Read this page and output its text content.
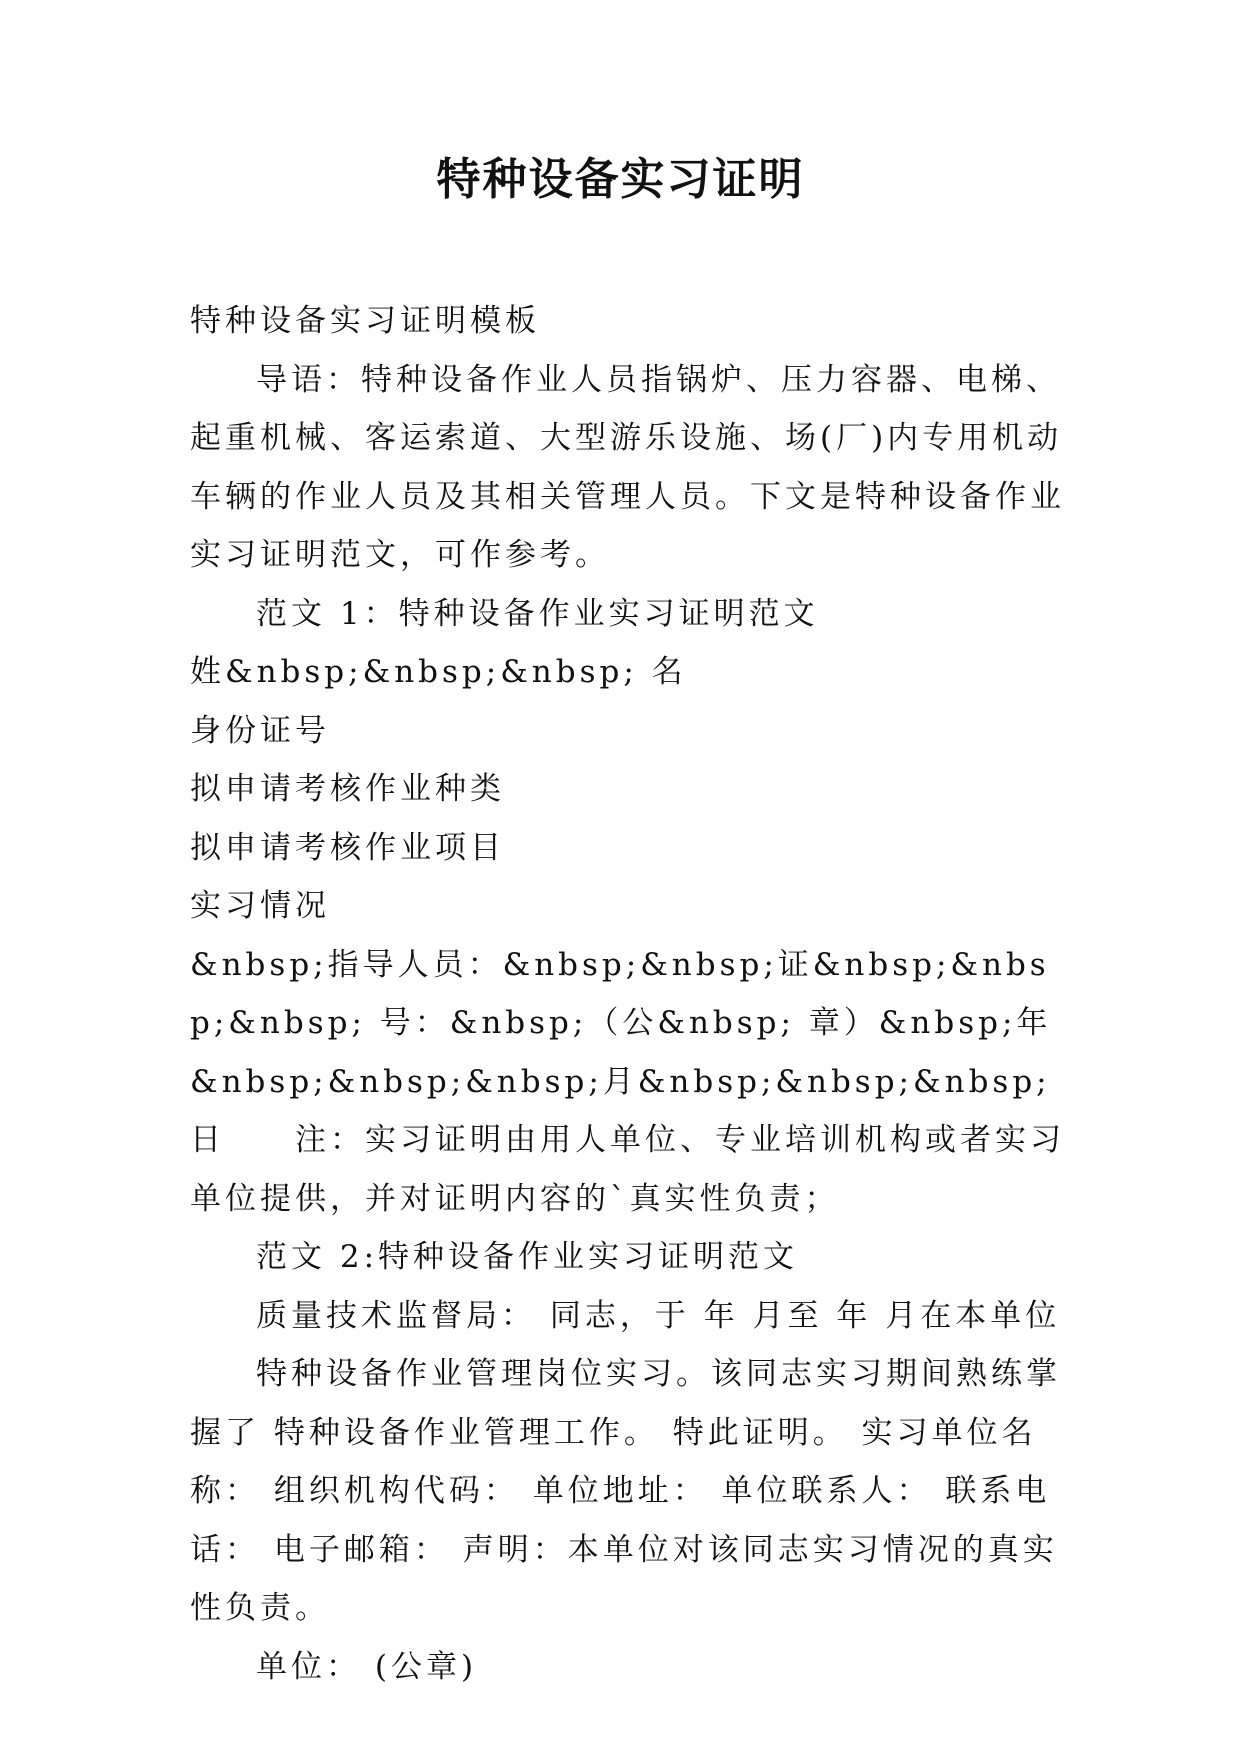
特种设备实习证明

特种设备实习证明模板

导语：特种设备作业人员指锅炉、压力容器、电梯、起重机械、客运索道、大型游乐设施、场(厂)内专用机动车辆的作业人员及其相关管理人员。下文是特种设备作业实习证明范文，可作参考。

范文 1：特种设备作业实习证明范文

姓&nbsp;&nbsp;&nbsp; 名

身份证号

拟申请考核作业种类

拟申请考核作业项目

实习情况

&nbsp;指导人员：&nbsp;&nbsp;证&nbsp;&nbsp;&nbsp; 号：&nbsp;（公&nbsp; 章）&nbsp;年 &nbsp;&nbsp;&nbsp;月&nbsp;&nbsp;&nbsp;日　　注：实习证明由用人单位、专业培训机构或者实习单位提供，并对证明内容的`真实性负责；

范文 2:特种设备作业实习证明范文

质量技术监督局： 同志，于 年 月至 年 月在本单位

特种设备作业管理岗位实习。该同志实习期间熟练掌握了 特种设备作业管理工作。 特此证明。 实习单位名称： 组织机构代码： 单位地址： 单位联系人： 联系电话： 电子邮箱： 声明：本单位对该同志实习情况的真实性负责。

单位： (公章)
